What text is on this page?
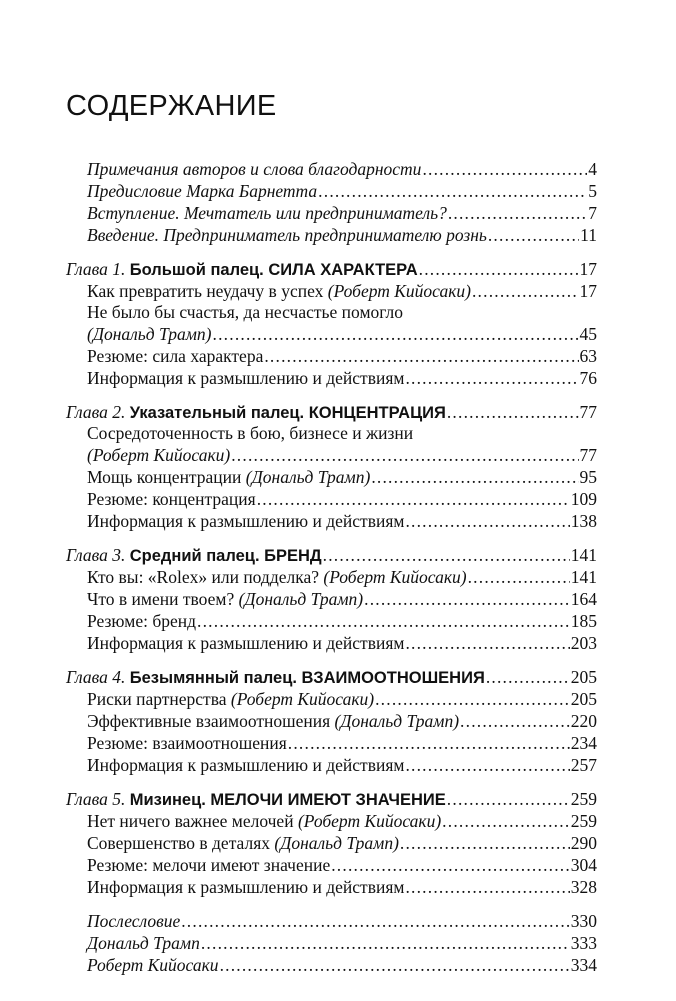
СОДЕРЖАНИЕ
Примечания авторов и слова благодарности .....	4
Предисловие Марка Барнетта .....	5
Вступление. Мечтатель или предприниматель? .....	7
Введение. Предприниматель предпринимателю рознь .....	11
Глава 1.
Большой палец. СИЛА ХАРАКТЕРА .....	17
Как превратить неудачу в успех
(Роберт Кийосаки) .....	17
Не было бы счастья, да несчастье помогло
(Дональд Трамп) .....	45
Резюме: сила характера .....	63
Информация к размышлению и действиям .....	76
Глава 2.
Указательный палец. КОНЦЕНТРАЦИЯ .....	77
Сосредоточенность в бою, бизнесе и жизни
(Роберт Кийосаки) .....	77
Мощь концентрации
(Дональд Трамп) .....	95
Резюме: концентрация .....	109
Информация к размышлению и действиям .....	138
Глава 3.
Средний палец. БРЕНД .....	141
Кто вы: «Rolex» или подделка?
(Роберт Кийосаки) .....	141
Что в имени твоем?
(Дональд Трамп) .....	164
Резюме: бренд .....	185
Информация к размышлению и действиям .....	203
Глава 4.
Безымянный палец. ВЗАИМООТНОШЕНИЯ .....	205
Риски партнерства
(Роберт Кийосаки) .....	205
Эффективные взаимоотношения
(Дональд Трамп) .....	220
Резюме: взаимоотношения .....	234
Информация к размышлению и действиям .....	257
Глава 5.
Мизинец. МЕЛОЧИ ИМЕЮТ ЗНАЧЕНИЕ .....	259
Нет ничего важнее мелочей
(Роберт Кийосаки) .....	259
Совершенство в деталях
(Дональд Трамп) .....	290
Резюме: мелочи имеют значение .....	304
Информация к размышлению и действиям .....	328
Послесловие .....	330
Дональд Трамп .....	333
Роберт Кийосаки .....	334
